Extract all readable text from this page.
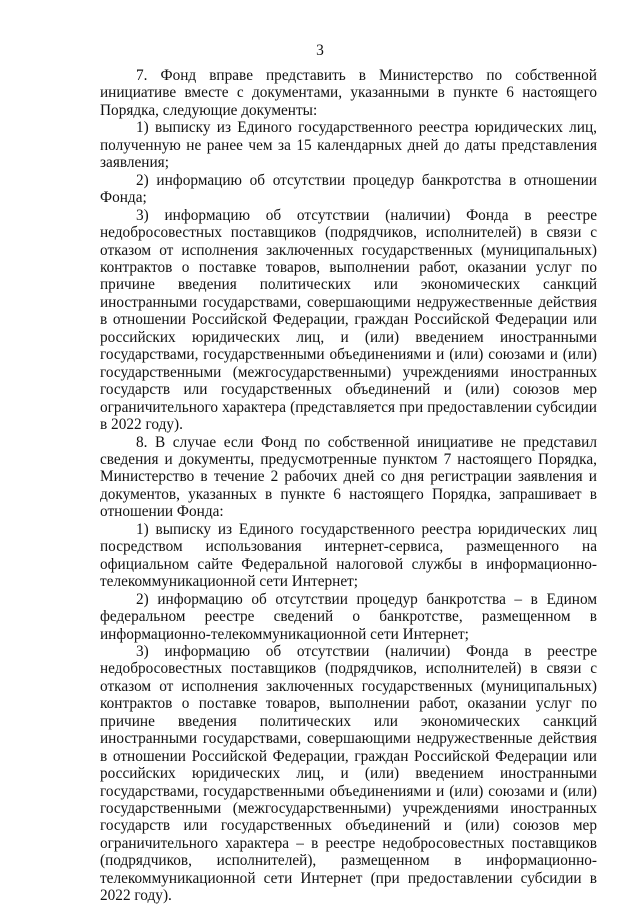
3

7. Фонд вправе представить в Министерство по собственной инициативе вместе с документами, указанными в пункте 6 настоящего Порядка, следующие документы:

1) выписку из Единого государственного реестра юридических лиц, полученную не ранее чем за 15 календарных дней до даты представления заявления;

2) информацию об отсутствии процедур банкротства в отношении Фонда;

3) информацию об отсутствии (наличии) Фонда в реестре недобросовестных поставщиков (подрядчиков, исполнителей) в связи с отказом от исполнения заключенных государственных (муниципальных) контрактов о поставке товаров, выполнении работ, оказании услуг по причине введения политических или экономических санкций иностранными государствами, совершающими недружественные действия в отношении Российской Федерации, граждан Российской Федерации или российских юридических лиц, и (или) введением иностранными государствами, государственными объединениями и (или) союзами и (или) государственными (межгосударственными) учреждениями иностранных государств или государственных объединений и (или) союзов мер ограничительного характера (представляется при предоставлении субсидии в 2022 году).

8. В случае если Фонд по собственной инициативе не представил сведения и документы, предусмотренные пунктом 7 настоящего Порядка, Министерство в течение 2 рабочих дней со дня регистрации заявления и документов, указанных в пункте 6 настоящего Порядка, запрашивает в отношении Фонда:

1) выписку из Единого государственного реестра юридических лиц посредством использования интернет-сервиса, размещенного на официальном сайте Федеральной налоговой службы в информационно-телекоммуникационной сети Интернет;

2) информацию об отсутствии процедур банкротства – в Едином федеральном реестре сведений о банкротстве, размещенном в информационно-телекоммуникационной сети Интернет;

3) информацию об отсутствии (наличии) Фонда в реестре недобросовестных поставщиков (подрядчиков, исполнителей) в связи с отказом от исполнения заключенных государственных (муниципальных) контрактов о поставке товаров, выполнении работ, оказании услуг по причине введения политических или экономических санкций иностранными государствами, совершающими недружественные действия в отношении Российской Федерации, граждан Российской Федерации или российских юридических лиц, и (или) введением иностранными государствами, государственными объединениями и (или) союзами и (или) государственными (межгосударственными) учреждениями иностранных государств или государственных объединений и (или) союзов мер ограничительного характера – в реестре недобросовестных поставщиков (подрядчиков, исполнителей), размещенном в информационно-телекоммуникационной сети Интернет (при предоставлении субсидии в 2022 году).
